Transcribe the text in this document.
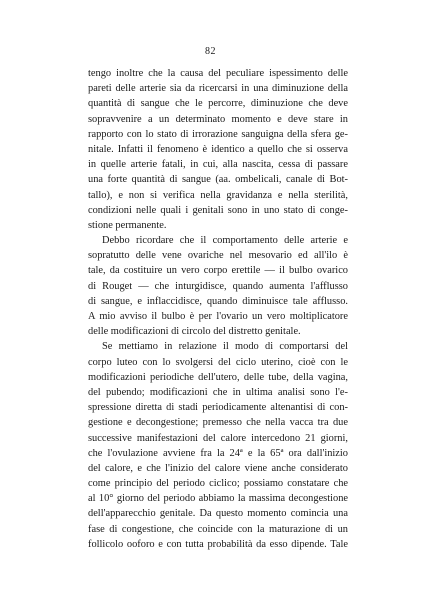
82
tengo inoltre che la causa del peculiare ispessimento delle
pareti delle arterie sia da ricercarsi in una diminuzione della
quantità di sangue che le percorre, diminuzione che deve
sopravvenire a un determinato momento e deve stare in
rapporto con lo stato di irrorazione sanguigna della sfera ge-
nitale. Infatti il fenomeno è identico a quello che si osserva
in quelle arterie fatali, in cui, alla nascita, cessa di passare
una forte quantità di sangue (aa. ombelicali, canale di Bot-
tallo), e non si verifica nella gravidanza e nella sterilità,
condizioni nelle quali i genitali sono in uno stato di conge-
stione permanente.
Debbo ricordare che il comportamento delle arterie e
sopratutto delle vene ovariche nel mesovario ed all'ilo è
tale, da costituire un vero corpo erettile — il bulbo ovarico
di Rouget — che inturgidisce, quando aumenta l'afflusso
di sangue, e inflaccidisce, quando diminuisce tale afflusso.
A mio avviso il bulbo è per l'ovario un vero moltiplicatore
delle modificazioni di circolo del distretto genitale.
Se mettiamo in relazione il modo di comportarsi del
corpo luteo con lo svolgersi del ciclo uterino, cioè con le
modificazioni periodiche dell'utero, delle tube, della vagina,
del pubendo; modificazioni che in ultima analisi sono l'e-
spressione diretta di stadi periodicamente altenantisi di con-
gestione e decongestione; premesso che nella vacca tra due
successive manifestazioni del calore intercedono 21 giorni,
che l'ovulazione avviene fra la 24ª e la 65ª ora dall'inizio
del calore, e che l'inizio del calore viene anche considerato
come principio del periodo ciclico; possiamo constatare che
al 10° giorno del periodo abbiamo la massima decongestione
dell'apparecchio genitale. Da questo momento comincia una
fase di congestione, che coincide con la maturazione di un
follicolo ooforo e con tutta probabilità da esso dipende. Tale
